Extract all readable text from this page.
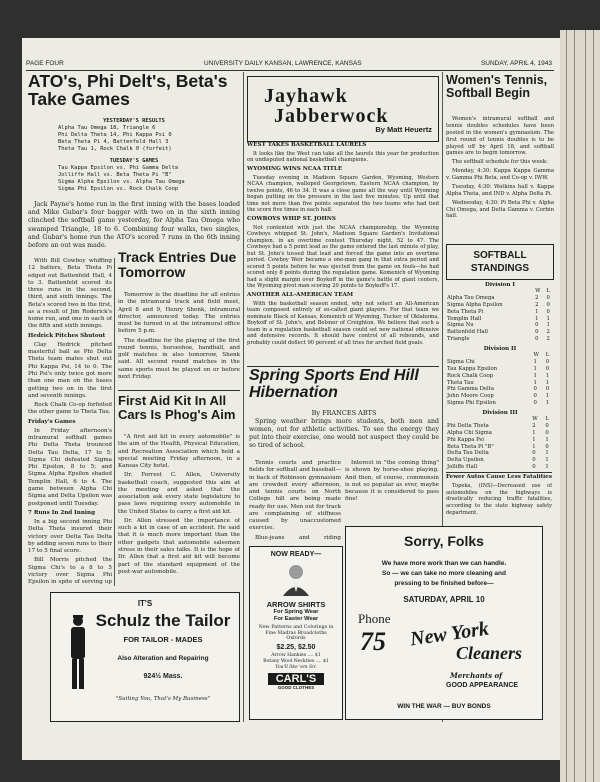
PAGE FOUR	UNIVERSITY DAILY KANSAN, LAWRENCE, KANSAS	SUNDAY, APRIL 4, 1943
ATO's, Phi Delt's, Beta's Take Games
YESTERDAY'S RESULTS
Alpha Tau Omega 18, Triangle 6
Phi Delta Theta 14, Phi Kappa Psi 0
Beta Theta Pi 4, Battenfeld Hall 3
Theta Tau 1, Rock Chalk 0 (forfeit)
TUESDAY'S GAMES
Tau Kappa Epsilon vs. Phi Gamma Delta
Jolliffe Hall vs. Beta Theta Pi "B"
Sigma Alpha Epsilon vs. Alpha Tau Omega
Sigma Phi Epsilon vs. Rock Chalk Coop

Jack Payne's home run in the first inning with the bases loaded and Mike Gubar's four bagger with two on in the sixth inning clinched the softball game yesterday, for Alpha Tau Omega who swamped Triangle, 18 to 6. Combining four walks, two singles, and Gubar's home run the ATO's scored 7 runs in the 6th inning before an out was made.

With Bill Cowboy whiffing 12 batters, Beta Theta Pi edged out Battenfeld Hall, 4 to 3. Battenfeld scored its three runs in the second, third, and sixth innings. The Beta's scored two in the first, as a result of Jim Roderick's home run, and one in each of the fifth and sixth innings.

Hedrick Pitches Shutout

Clay Hedrick pitched masterful ball as Phi Delta Theta team mates shut out Phi Kappa Psi, 14 to 0. The Phi Psi's only twice got more than one man on the bases getting two on in the first and seventh innings.

Rock Chalk Co-op forfeited the other game to Theta Tau.

Friday's Games

In Friday afternoon's intramural softball games Phi Delta Theta trounced Delta Tau Delta, 17 to 5; Sigma Chi defeated Sigma Phi Epsilon, 8 to 5; and Sigma Alpha Epsilon shaded Templin Hall, 6 to 4. The game between Alpha Chi Sigma and Delta Upsilon was postponed until Tuesday.

7 Runs In 2nd Inning

In a big second inning Phi Delta Theta insured their victory over Delta Tau Delta by adding seven runs to their 17 to 5 final score.

Bill Morris pitched the Sigma Chi's to a 8 to 5 victory over Sigma Phi Epsilon in spite of serving up

Track Entries Due Tomorrow

Tomorrow is the deadline for all entries in the intramural track and field meet, April 8 and 9, Henry Shenk, intramural director, announced today. The entries must be turned in at the intramural office before 5 p.m.

The deadline for the playing of the first round tennis, horseshoe, handball, and golf matches in also tomorrow, Shenk said. All second round matches in the same sports must be played on or before next Friday.

First Aid Kit In All Cars Is Phog's Aim

"A first aid kit in every automobile" is the aim of the Health, Physical Education, and Recreation Association which held a special meeting Friday afternoon, in a Kansas City hotel.

Dr. Forrest C. Allen, University basketball coach, suggested this aim at the meeting and asked that the association ask every state legislature to pass laws requiring every automobile in the United States to carry a first aid kit.

Dr. Allen stressed the importance of such a kit in case of an accident. He said that it is much more important than the other gadgets that automobile salesmen stress in their sales talks. It is the hope of Dr. Allen that a first aid kit will become part of the standard equipment of the post-war automobile.

IT'S
Schulz the Tailor
FOR TAILOR - MADES
Also Alteration and Repairing
924½ Mass.
"Suiting You, That's My Business"
Jayhawk
Jabberwock
By Matt Heuertz

WEST TAKES BASKETBALL LAURELS

It looks like the West can take all the laurels this year for production on undisputed national basketball champions.

WYOMING WINS NCAA TITLE

Tuesday evening in Madison Square Garden, Wyoming, Western NCAA champion, walloped Georgetown, Eastern NCAA champion, by twelve points, 46 to 34. It was a close game all the way until Wyoming began putting on the pressure in the last five minutes. Up until that time not more than five points separated the two teams who had tied the score five times in each half.

COWBOYS WHIP ST. JOHNS

Not contented with just the NCAA championship, the Wyoming Cowboys whipped St. John's, Madison Square Garden's Invitational champion, in an overtime contest Thursday night, 52 to 47. The Cowboys had a 5 point lead as the game entered the last minute of play, but St. John's tossed that lead and forced the game into an overtime period. Cowboy Weir became a one-man gang in that extra period and scored 5 points before he was ejected from the game on fouls—he had scored only 8 points during the regulation game. Komenich of Wyoming had a slight margin over Boykoff in the game's battle of giant centers, the Wyoming pivot man scoring 20 points to Boykoff's 17.

ANOTHER ALL-AMERICAN TEAM

With the basketball season ended, why not select an All-American team composed entirely of so-called giant players. For that team we nominate Black of Kansas, Komenich of Wyoming, Tucker of Oklahoma, Boykoff of St. John's, and Belsner of Creighton. We believe that such a team in a regulation basketball season could set new national offensive and defensive records. It should have control of all rebounds, and probably could deflect 90 percent of all tries for arched field goals.

Spring Sports End Hill Hibernation
By FRANCES ABTS

Spring weather brings more students, both men and women, out for athletic activities. To see the energy they put into their exercise, one would not suspect they could be so tired of school.

Tennis courts and practice fields for softball and baseball—in back of Robinson gymnasium are crowded every afternoon, and tennis courts on North College hill are being made ready for use. Men out for track are complaining of stiffness caused by unaccustomed exercise.

Blue-jeans and riding

Interest in "the coming thing" is shown by horse-shoe playing. And then, of course, commonsin is not so popular as ever, maybe because it is considered to pass fine!

NOW READY—
ARROW SHIRTS
For Spring Wear
For Easter Wear
New Patterns and Colorings in Fine Madras Broadcloths Oxfords
$2.25, $2.50
Arrow Hankies .... $1
Botany Wool Neckties .... $1
You'll like 'em Sir.
CARL'S
GOOD CLOTHES
Sorry, Folks
We have more work than we can handle.
So — we can take no more cleaning and
pressing to be finished before—
SATURDAY, APRIL 10
Phone
75 New York
Cleaners
Merchants of
GOOD APPEARANCE
WIN THE WAR — BUY BONDS
Women's Tennis, Softball Begin

Women's intramural softball and tennis doubles schedules have been posted in the women's gymnasium. The first round of tennis doubles is to be played off by April 18, and softball games are to begin tomorrow.

The softball schedule for this week:

Monday, 4:30: Kappa Kappa Gamma v. Gamma Phi Beta, and Co-op v. IWW.

Tuesday, 4:30: Watkins hall v. Kappa Alpha Theta, and IND v. Alpha Delta Pi.

Wednesday, 4:30: Pi Beta Phi v. Alpha Chi Omega, and Delta Gamma v. Corbin hall.

SOFTBALL STANDINGS
Division I
	W	L
Alpha Tau Omega	2	0
Sigma Alpha Epsilon	2	0
Beta Theta Pi	1	0
Templin Hall	1	1
Sigma Nu	0	1
Battenfeld Hall	0	2
Triangle	0	2
Division II
	W	L
Sigma Chi	1	0
Tau Kappa Epsilon	1	0
Rock Chalk Coop	1	1
Theta Tau	1	1
Phi Gamma Delta	0	0
John Moore Coop	0	1
Sigma Phi Epsilon	0	1
Division III
	W	L
Phi Delta Theta	2	0
Alpha Chi Sigma	1	0
Phi Kappa Psi	1	1
Beta Theta Pi "B"	1	0
Delta Tau Delta	0	1
Delta Upsilon	0	1
Jolliffe Hall	0	1

Fewer Autos Cause Less Fatalities

Topeka, (INS)—Decreased use of automobiles on the highways is drastically reducing traffic fatalities, according to the state highway safety department.
